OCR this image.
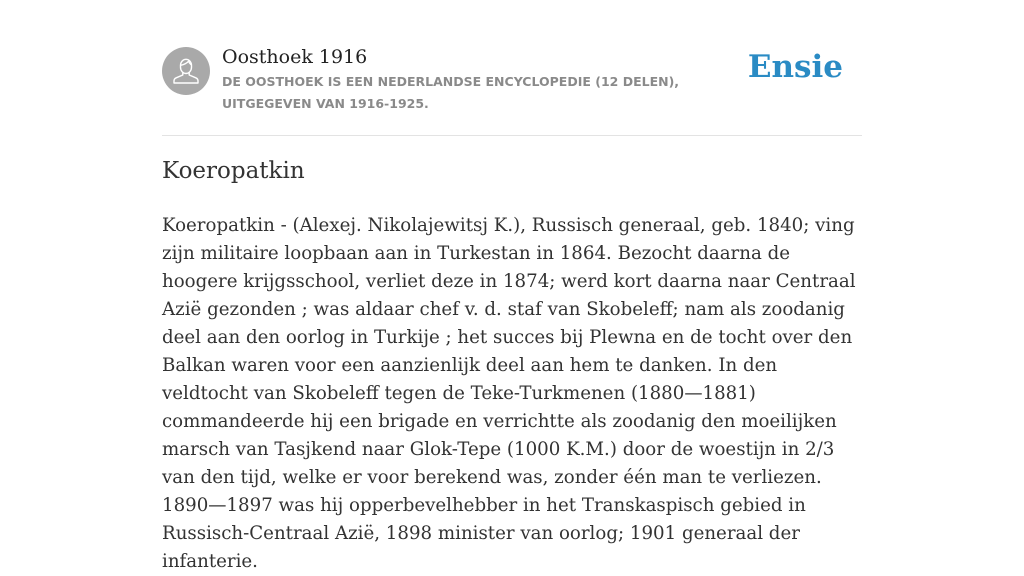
Oosthoek 1916
DE OOSTHOEK IS EEN NEDERLANDSE ENCYCLOPEDIE (12 DELEN), UITGEGEVEN VAN 1916-1925.
Ensie
Koeropatkin

Koeropatkin - (Alexej. Nikolajewitsj K.), Russisch generaal, geb. 1840; ving zijn militaire loopbaan aan in Turkestan in 1864. Bezocht daarna de hoogere krijgsschool, verliet deze in 1874; werd kort daarna naar Centraal Azië gezonden ; was aldaar chef v. d. staf van Skobeleff; nam als zoodanig deel aan den oorlog in Turkije ; het succes bij Plewna en de tocht over den Balkan waren voor een aanzienlijk deel aan hem te danken. In den veldtocht van Skobeleff tegen de Teke-Turkmenen (1880—1881) commandeerde hij een brigade en verrichtte als zoodanig den moeilijken marsch van Tasjkend naar Glok-Tepe (1000 K.M.) door de woestijn in 2/3 van den tijd, welke er voor berekend was, zonder één man te verliezen. 1890—1897 was hij opperbevelhebber in het Transkaspisch gebied in Russisch-Centraal Azië, 1898 minister van oorlog; 1901 generaal der infanterie.
